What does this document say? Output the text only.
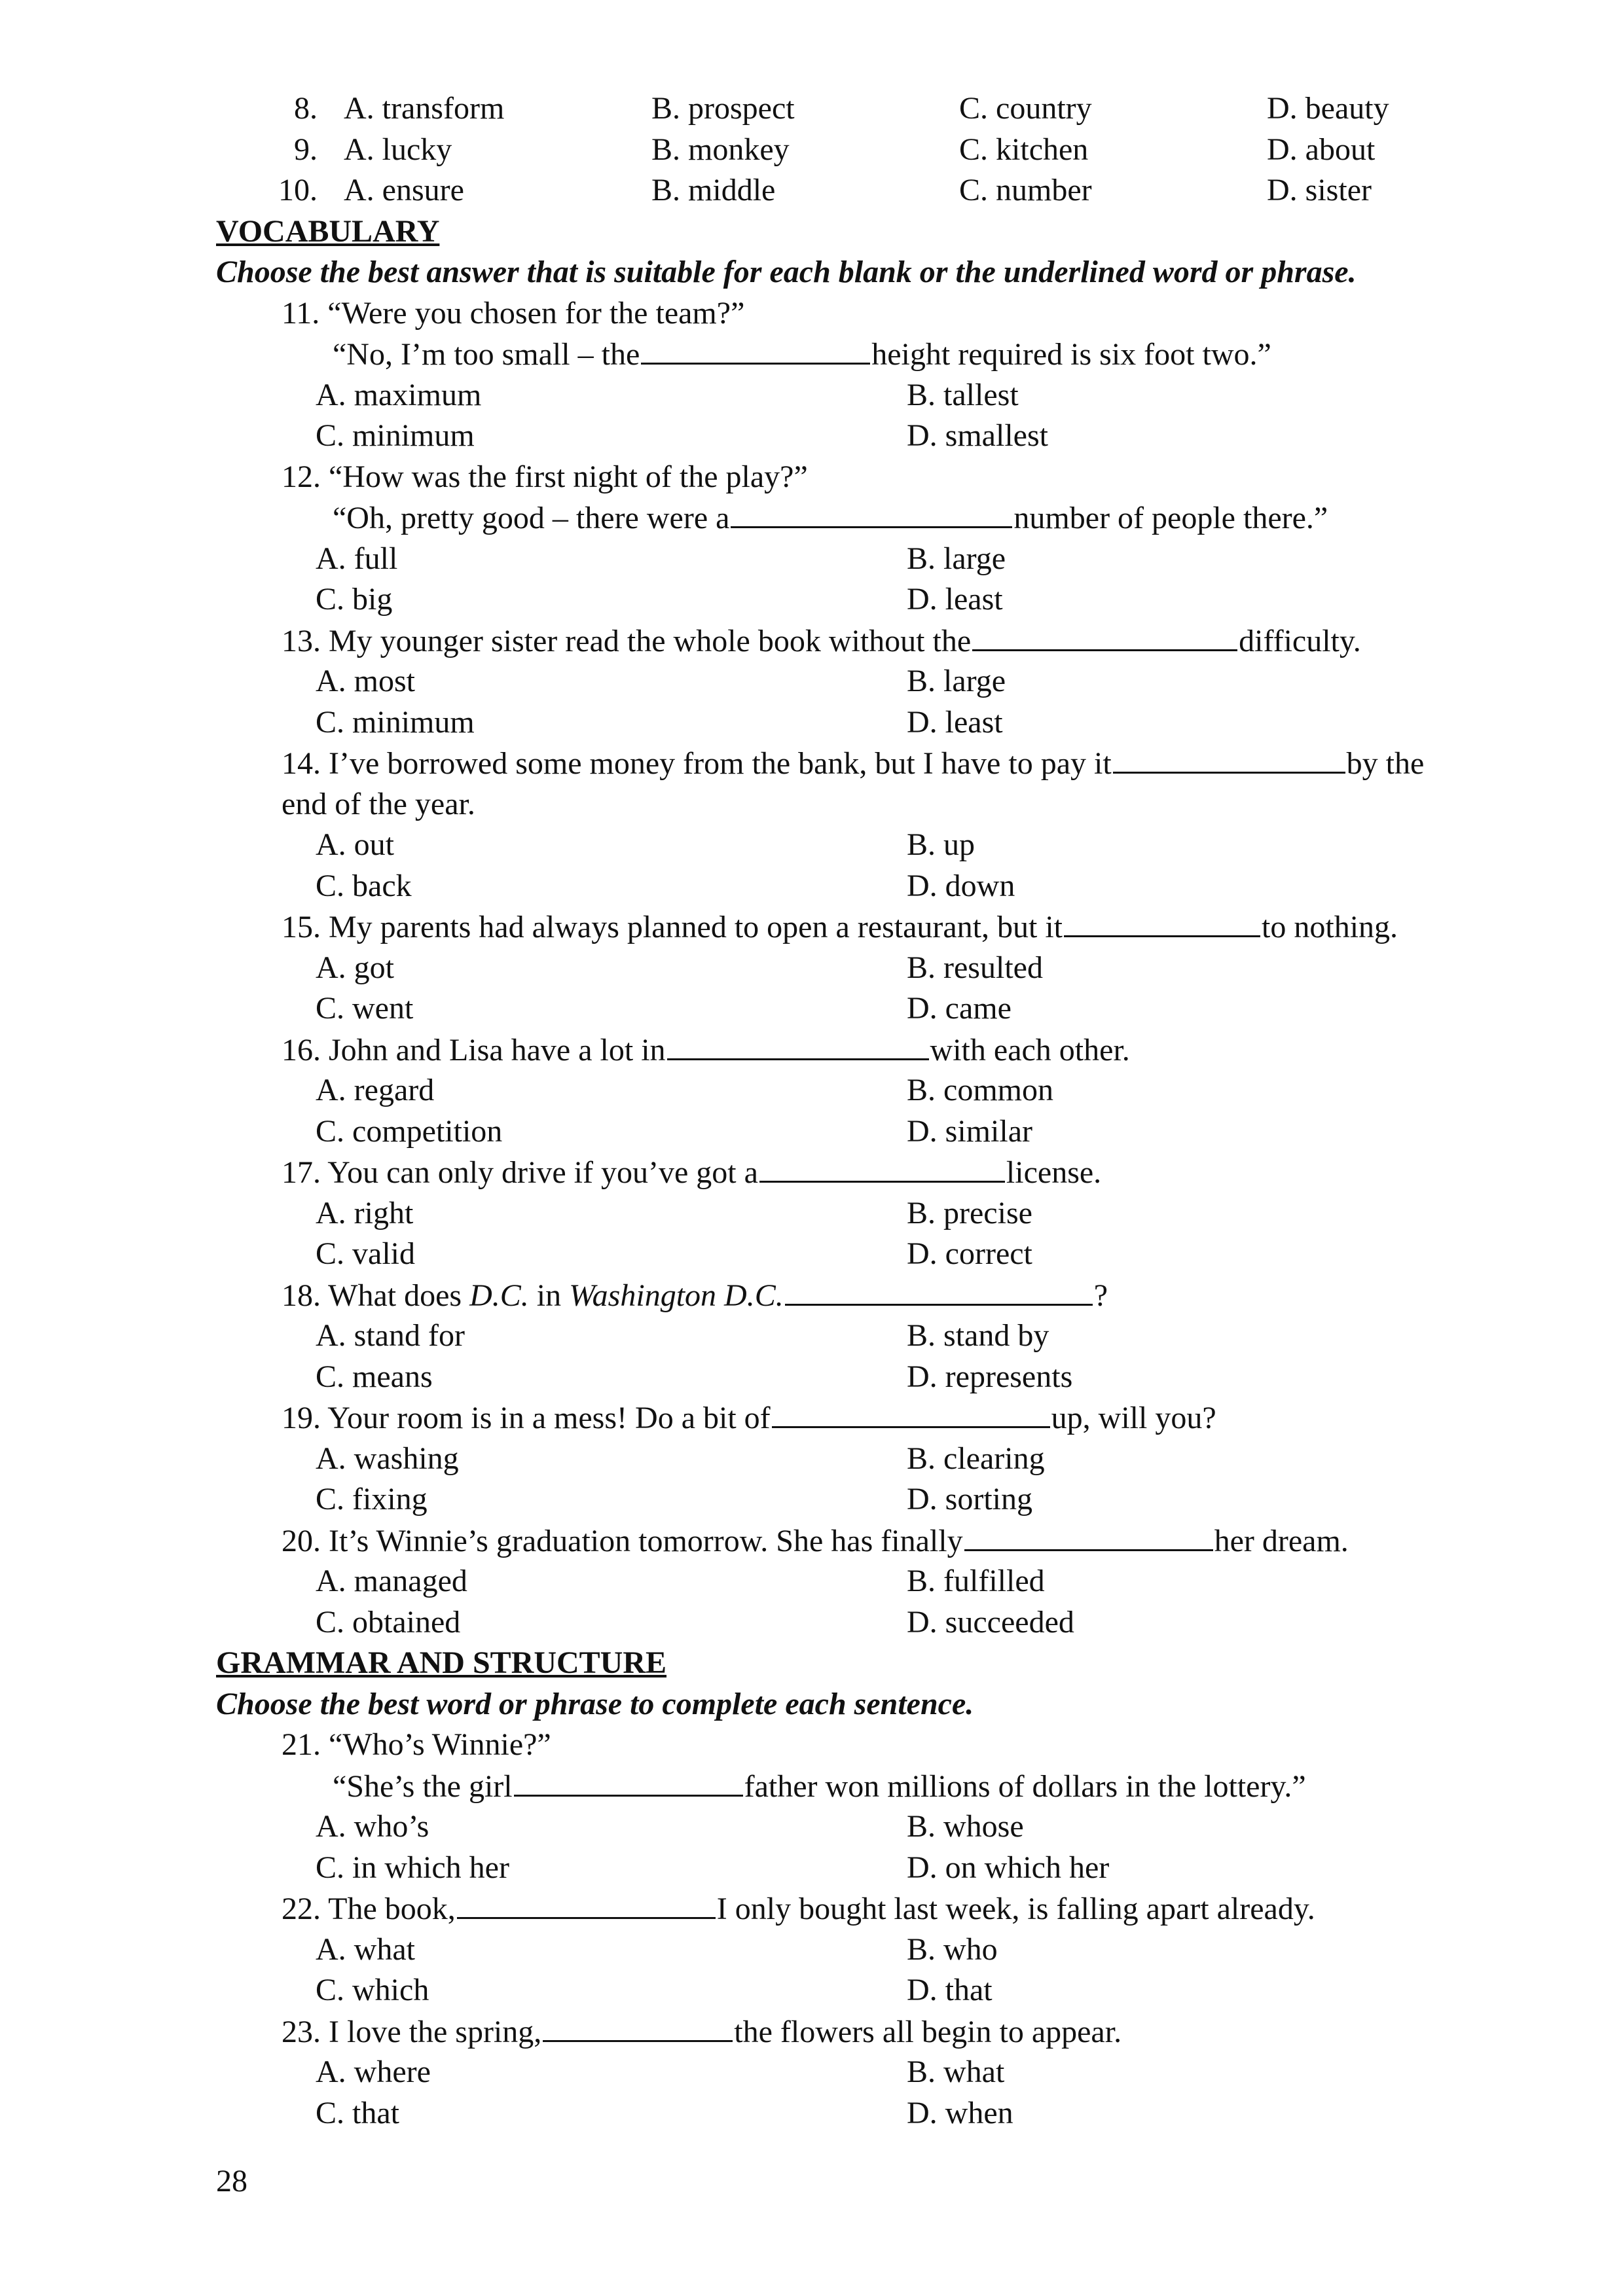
8. A. transform	B. prospect	C. country	D. beauty
9. A. lucky	B. monkey	C. kitchen	D. about
10. A. ensure	B. middle	C. number	D. sister
VOCABULARY
Choose the best answer that is suitable for each blank or the underlined word or phrase.
11. “Were you chosen for the team?”
“No, I’m too small – the	height required is six foot two.”
A. maximum	B. tallest
C. minimum	D. smallest
12. “How was the first night of the play?”
“Oh, pretty good – there were a	number of people there.”
A. full	B. large
C. big	D. least
13. My younger sister read the whole book without the	difficulty.
A. most	B. large
C. minimum	D. least
14. I’ve borrowed some money from the bank, but I have to pay it	by the
end of the year.
A. out	B. up
C. back	D. down
15. My parents had always planned to open a restaurant, but it	to nothing.
A. got	B. resulted
C. went	D. came
16. John and Lisa have a lot in	with each other.
A. regard	B. common
C. competition	D. similar
17. You can only drive if you’ve got a	license.
A. right	B. precise
C. valid	D. correct
18. What does D.C. in Washington D.C.	?
A. stand for	B. stand by
C. means	D. represents
19. Your room is in a mess! Do a bit of	up, will you?
A. washing	B. clearing
C. fixing	D. sorting
20. It’s Winnie’s graduation tomorrow. She has finally	her dream.
A. managed	B. fulfilled
C. obtained	D. succeeded
GRAMMAR AND STRUCTURE
Choose the best word or phrase to complete each sentence.
21. “Who’s Winnie?”
“She’s the girl	father won millions of dollars in the lottery.”
A. who’s	B. whose
C. in which her	D. on which her
22. The book,	I only bought last week, is falling apart already.
A. what	B. who
C. which	D. that
23. I love the spring,	the flowers all begin to appear.
A. where	B. what
C. that	D. when
28
